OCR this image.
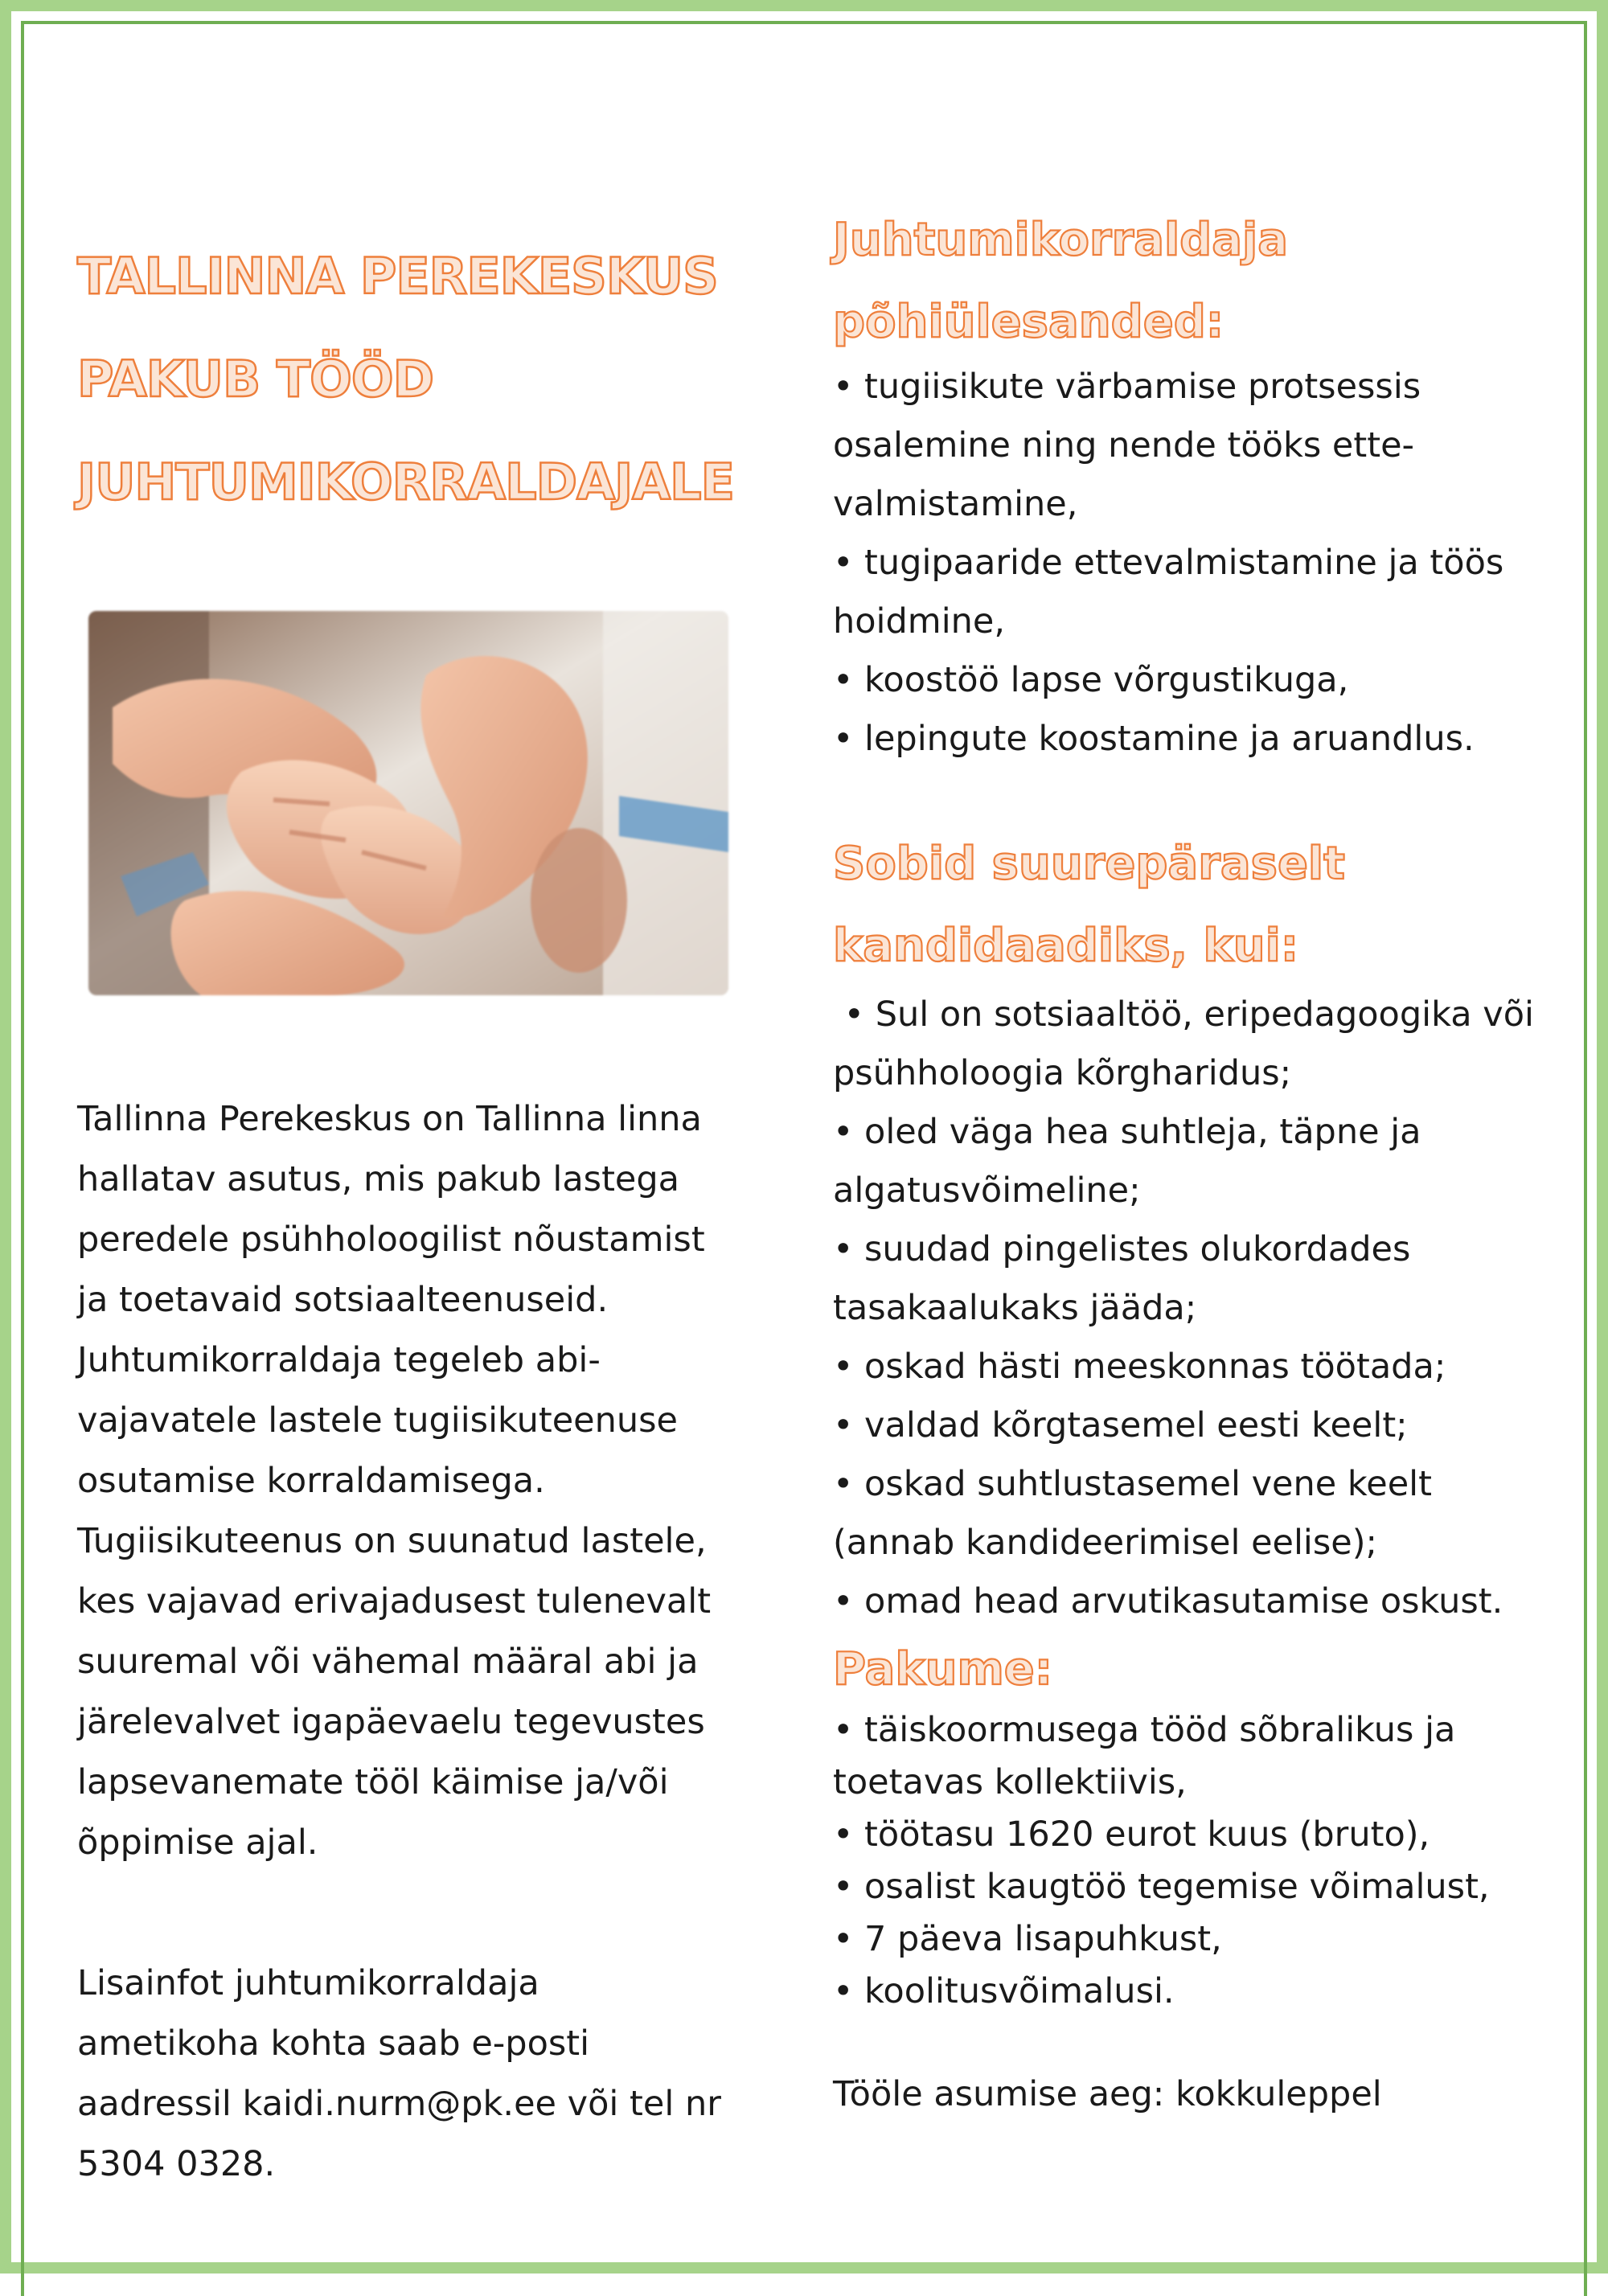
TALLINNA PEREKESKUS
PAKUB TÖÖD
JUHTUMIKORRALDAJALE
Tallinna Perekeskus on Tallinna linna
hallatav asutus, mis pakub lastega
peredele psühholoogilist nõustamist
ja toetavaid sotsiaalteenuseid.
Juhtumikorraldaja tegeleb abi-
vajavatele lastele tugiisikuteenuse
osutamise korraldamisega.
Tugiisikuteenus on suunatud lastele,
kes vajavad erivajadusest tulenevalt
suuremal või vähemal määral abi ja
järelevalvet igapäevaelu tegevustes
lapsevanemate tööl käimise ja/või
õppimise ajal.
Lisainfot juhtumikorraldaja
ametikoha kohta saab e-posti
aadressil kaidi.nurm@pk.ee või tel nr
5304 0328.
Juhtumikorraldaja
põhiülesanded:
• tugiisikute värbamise protsessis
osalemine ning nende tööks ette-
valmistamine,
• tugipaaride ettevalmistamine ja töös
hoidmine,
• koostöö lapse võrgustikuga,
• lepingute koostamine ja aruandlus.
Sobid suurepäraselt
kandidaadiks, kui:
• Sul on sotsiaaltöö, eripedagoogika või
psühholoogia kõrgharidus;
• oled väga hea suhtleja, täpne ja
algatusvõimeline;
• suudad pingelistes olukordades
tasakaalukaks jääda;
• oskad hästi meeskonnas töötada;
• valdad kõrgtasemel eesti keelt;
• oskad suhtlustasemel vene keelt
(annab kandideerimisel eelise);
• omad head arvutikasutamise oskust.
Pakume:
• täiskoormusega tööd sõbralikus ja
toetavas kollektiivis,
• töötasu 1620 eurot kuus (bruto),
• osalist kaugtöö tegemise võimalust,
• 7 päeva lisapuhkust,
• koolitusvõimalusi.
Tööle asumise aeg: kokkuleppel
